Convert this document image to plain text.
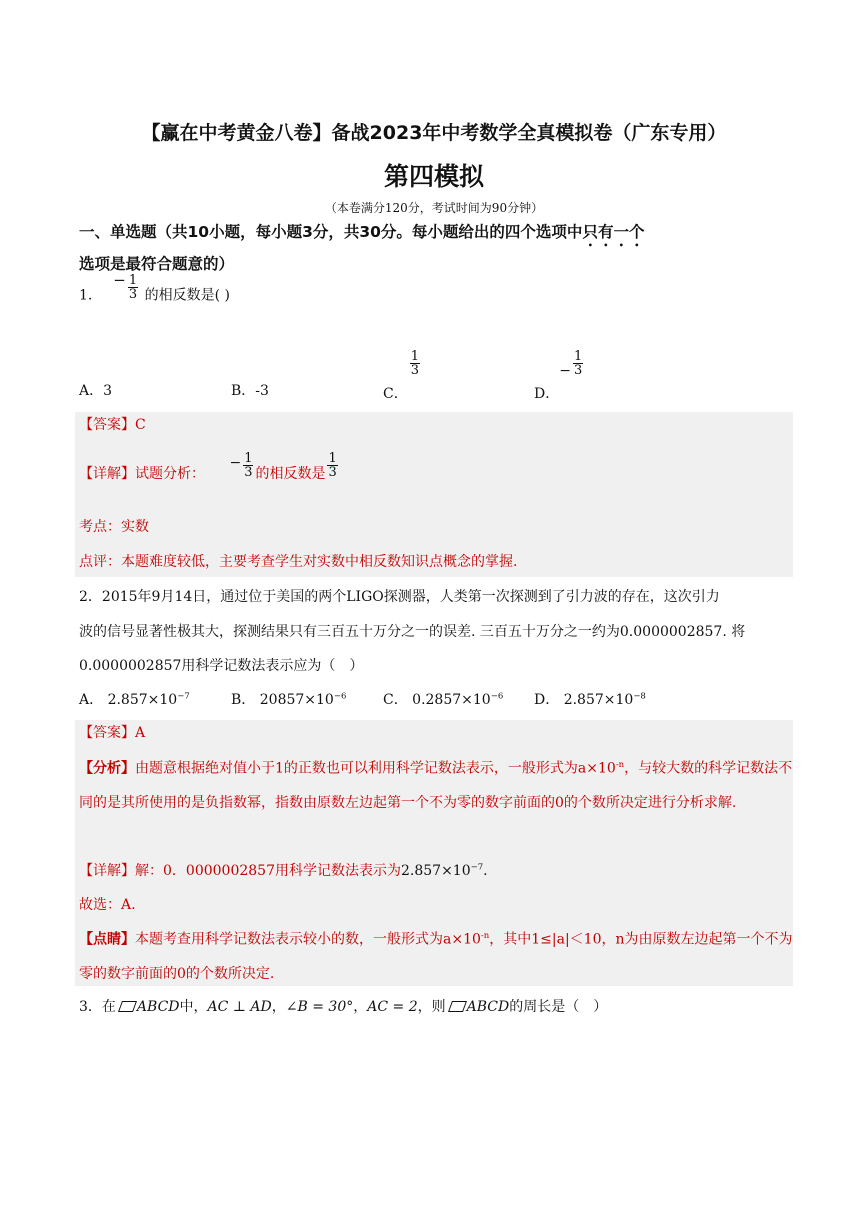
【赢在中考黄金八卷】备战2023年中考数学全真模拟卷（广东专用）
第四模拟
（本卷满分120分，考试时间为90分钟）
一、单选题（共10小题，每小题3分，共30分。每小题给出的四个选项中只有一个选项是最符合题意的）
1.  − $\frac{1}{3}$ 的相反数是( )
A．3	B．-3	C．
$\frac{1}{3}$
D．− $\frac{1}{3}$
【答案】C
【详解】试题分析： − $\frac{1}{3}$ 的相反数是 $\frac{1}{3}$
考点：实数
点评：本题难度较低，主要考查学生对实数中相反数知识点概念的掌握.
2．2015年9月14日，通过位于美国的两个LIGO探测器，人类第一次探测到了引力波的存在，这次引力
波的信号显著性极其大，探测结果只有三百五十万分之一的误差. 三百五十万分之一约为0.0000002857. 将
0.0000002857用科学记数法表示应为（　）
A． $2.857\times 10^{-7}$	B． $20857\times 10^{-6}$	C． $0.2857\times 10^{-6}$ D． $2.857\times 10^{-8}$
【答案】A
【分析】由题意根据绝对值小于1的正数也可以利用科学记数法表示，一般形式为$a\times 10^{-n}$，与较大数的科学记数法不同的是其所使用的是负指数幂，指数由原数左边起第一个不为零的数字前面的0的个数所决定进行分析求解.
【详解】解：0．0000002857用科学记数法表示为$2.857\times 10^{-7}$.
故选：A.
【点睛】本题考查用科学记数法表示较小的数，一般形式为$a\times 10^{-n}$，其中1≤|a|＜10，n为由原数左边起第一个不为零的数字前面的0的个数所决定.
3．在 ABCD中，AC ⊥ AD，∠B = 30°，AC = 2，则 ABCD的周长是（　）
